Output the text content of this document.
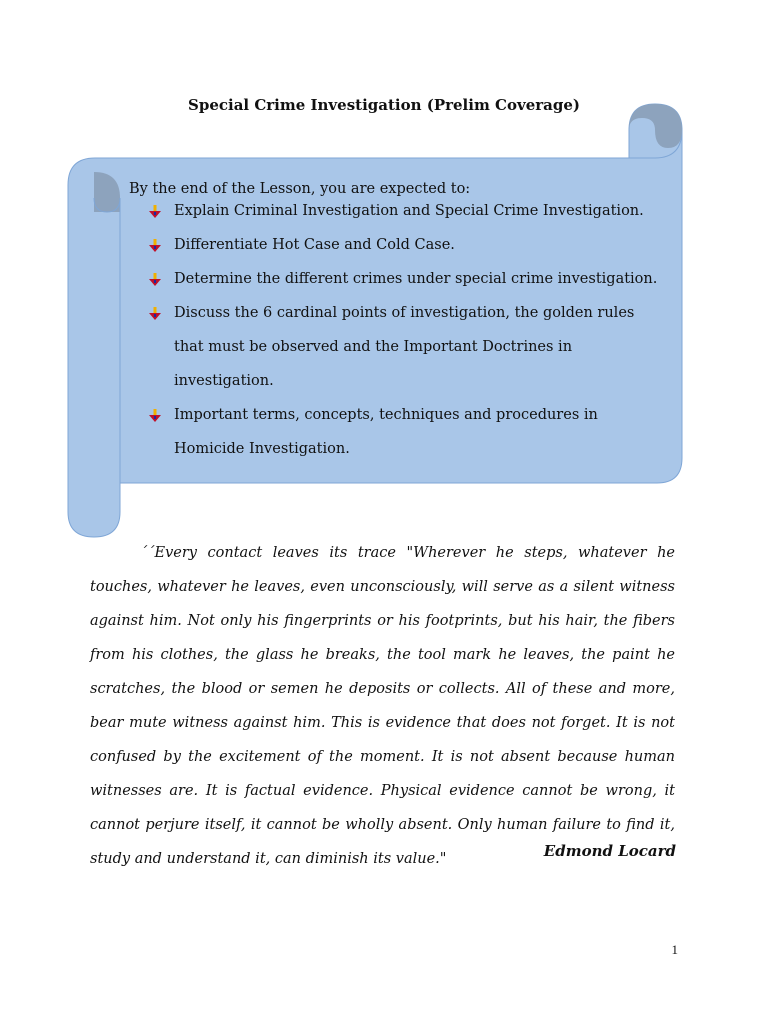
Special Crime Investigation (Prelim Coverage)
By the end of the Lesson, you are expected to:
Explain Criminal Investigation and Special Crime Investigation.
Differentiate Hot Case and Cold Case.
Determine the different crimes under special crime investigation.
Discuss the 6 cardinal points of investigation, the golden rules
that must be observed and the Important Doctrines in
investigation.
Important terms, concepts, techniques and procedures in
Homicide Investigation.
´´Every contact leaves its trace "Wherever he steps, whatever he touches, whatever he leaves, even unconsciously, will serve as a silent witness against him. Not only his fingerprints or his footprints, but his hair, the fibers from his clothes, the glass he breaks, the tool mark he leaves, the paint he scratches, the blood or semen he deposits or collects. All of these and more, bear mute witness against him. This is evidence that does not forget. It is not confused by the excitement of the moment. It is not absent because human witnesses are. It is factual evidence. Physical evidence cannot be wrong, it cannot perjure itself, it cannot be wholly absent. Only human failure to find it, study and understand it, can diminish its value."	Edmond Locard
1
